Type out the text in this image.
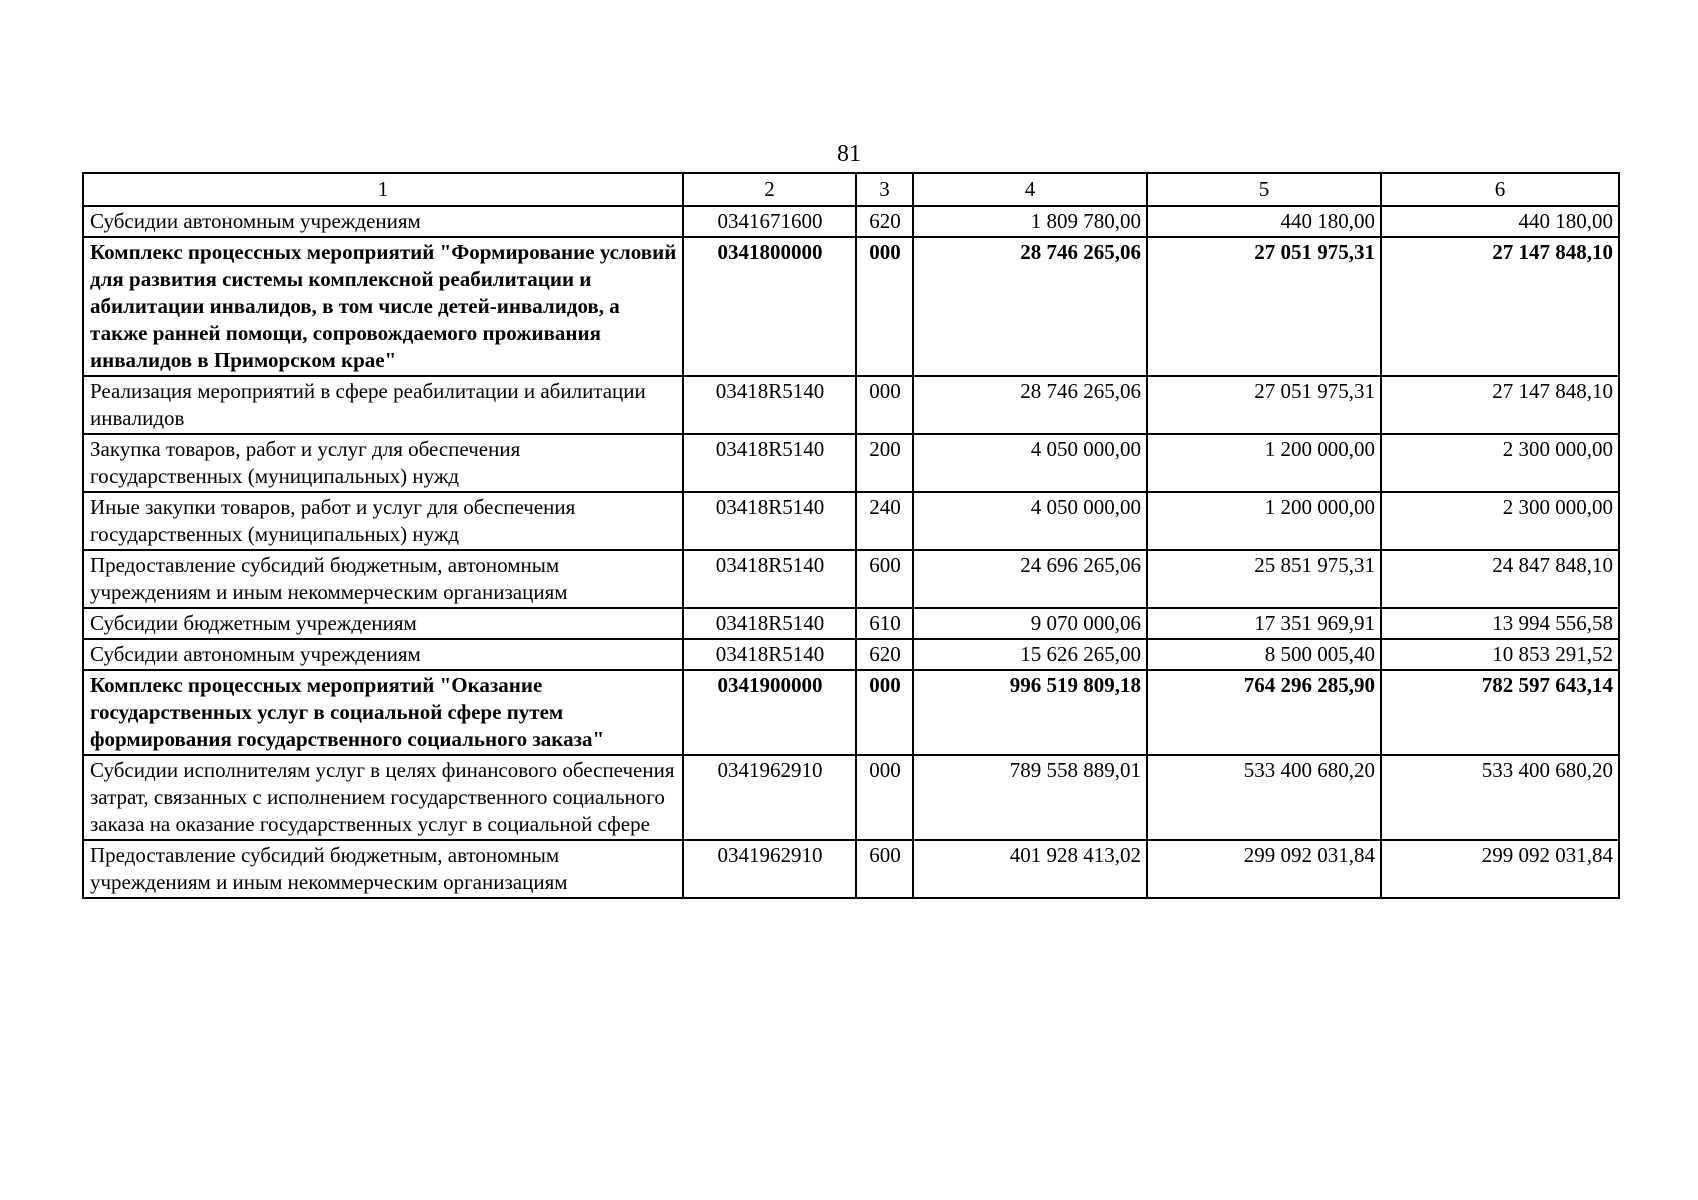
81
1	2	3	4	5	6
Субсидии автономным учреждениям	0341671600	620	1 809 780,00	440 180,00	440 180,00
Комплекс процессных мероприятий "Формирование условий для развития системы комплексной реабилитации и абилитации инвалидов, в том числе детей-инвалидов, а также ранней помощи, сопровождаемого проживания инвалидов в Приморском крае"	0341800000	000	28 746 265,06	27 051 975,31	27 147 848,10
Реализация мероприятий в сфере реабилитации и абилитации инвалидов	03418R5140	000	28 746 265,06	27 051 975,31	27 147 848,10
Закупка товаров, работ и услуг для обеспечения государственных (муниципальных) нужд	03418R5140	200	4 050 000,00	1 200 000,00	2 300 000,00
Иные закупки товаров, работ и услуг для обеспечения государственных (муниципальных) нужд	03418R5140	240	4 050 000,00	1 200 000,00	2 300 000,00
Предоставление субсидий бюджетным, автономным учреждениям и иным некоммерческим организациям	03418R5140	600	24 696 265,06	25 851 975,31	24 847 848,10
Субсидии бюджетным учреждениям	03418R5140	610	9 070 000,06	17 351 969,91	13 994 556,58
Субсидии автономным учреждениям	03418R5140	620	15 626 265,00	8 500 005,40	10 853 291,52
Комплекс процессных мероприятий "Оказание государственных услуг в социальной сфере путем формирования государственного социального заказа"	0341900000	000	996 519 809,18	764 296 285,90	782 597 643,14
Субсидии исполнителям услуг в целях финансового обеспечения затрат, связанных с исполнением государственного социального заказа на оказание государственных услуг в социальной сфере	0341962910	000	789 558 889,01	533 400 680,20	533 400 680,20
Предоставление субсидий бюджетным, автономным учреждениям и иным некоммерческим организациям	0341962910	600	401 928 413,02	299 092 031,84	299 092 031,84
